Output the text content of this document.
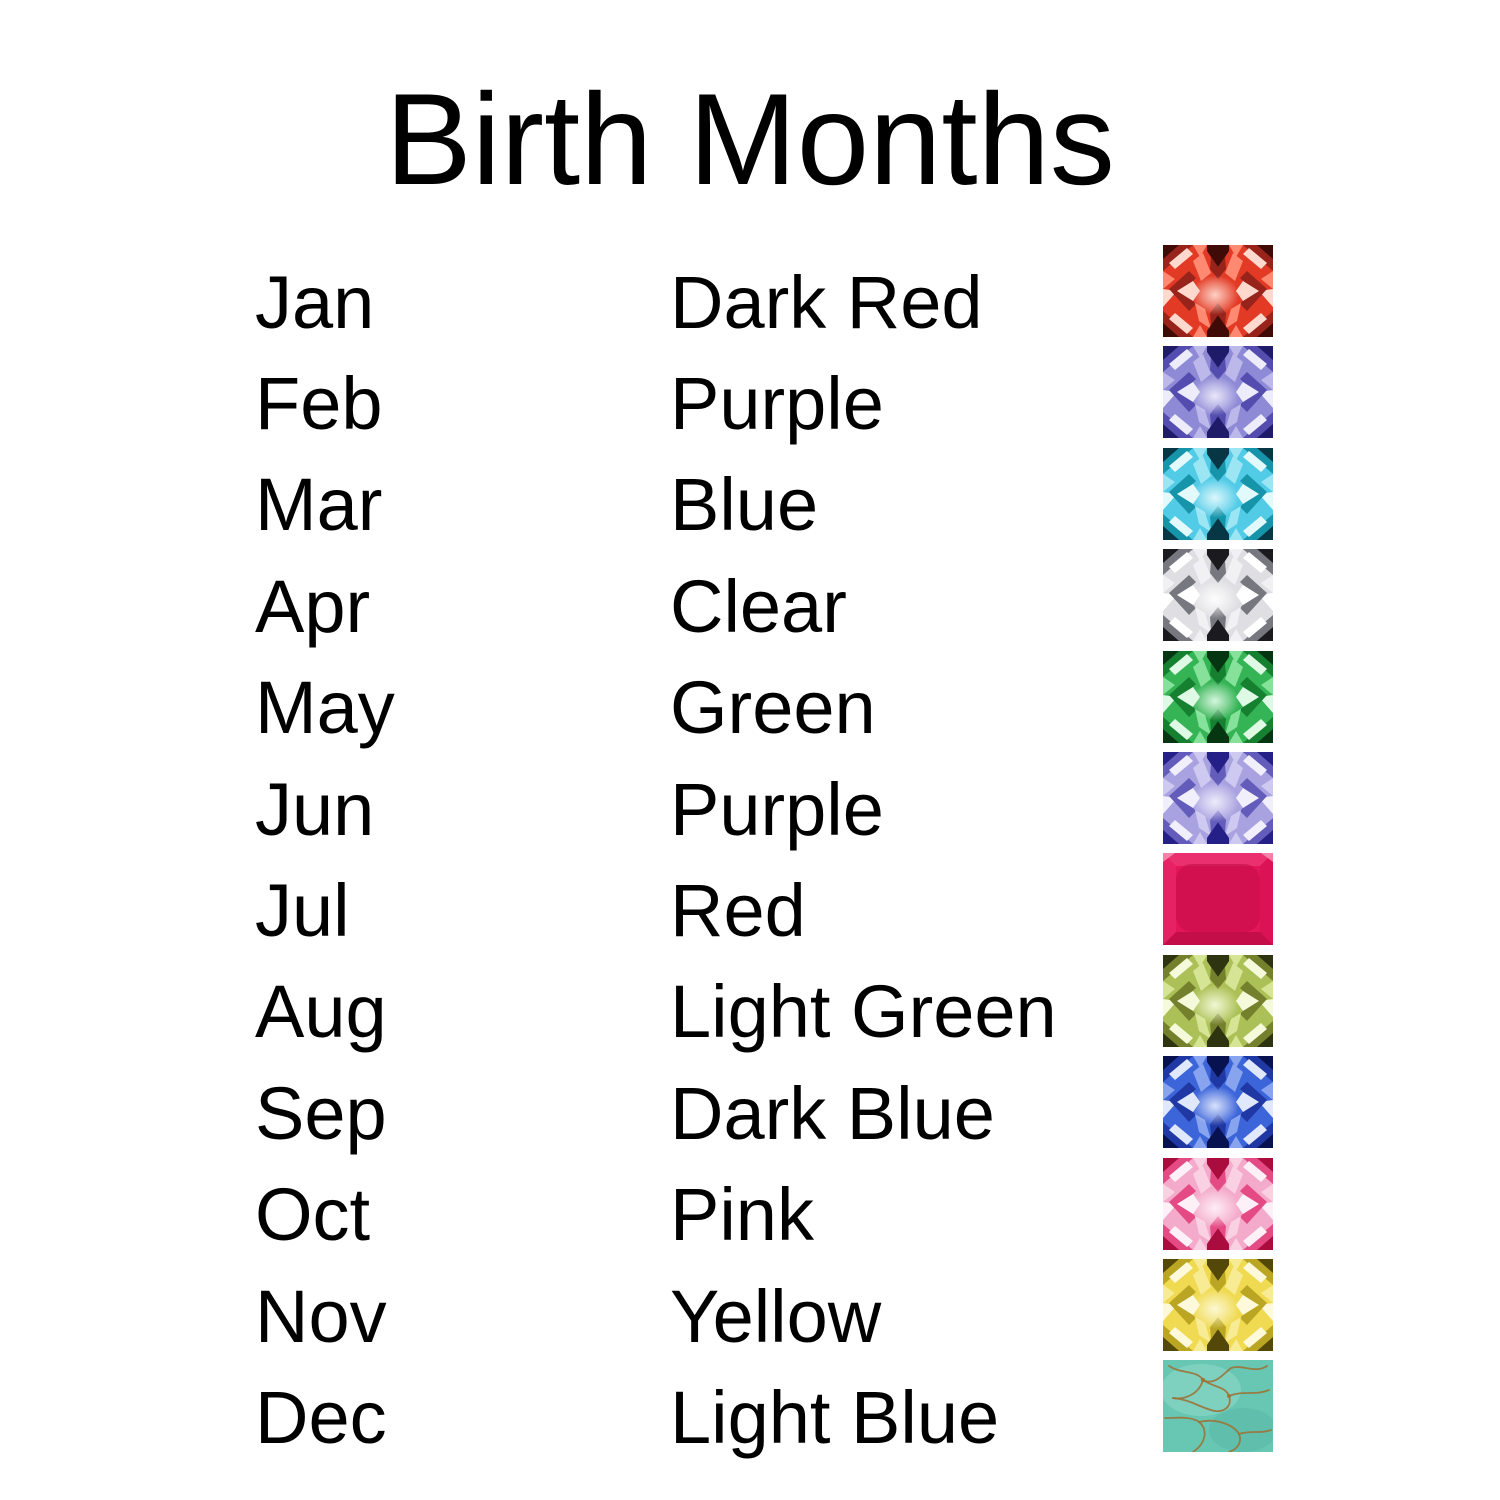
Birth Months
Jan	Dark Red
Feb	Purple
Mar	Blue
Apr	Clear
May	Green
Jun	Purple
Jul	Red
Aug	Light Green
Sep	Dark Blue
Oct	Pink
Nov	Yellow
Dec	Light Blue
